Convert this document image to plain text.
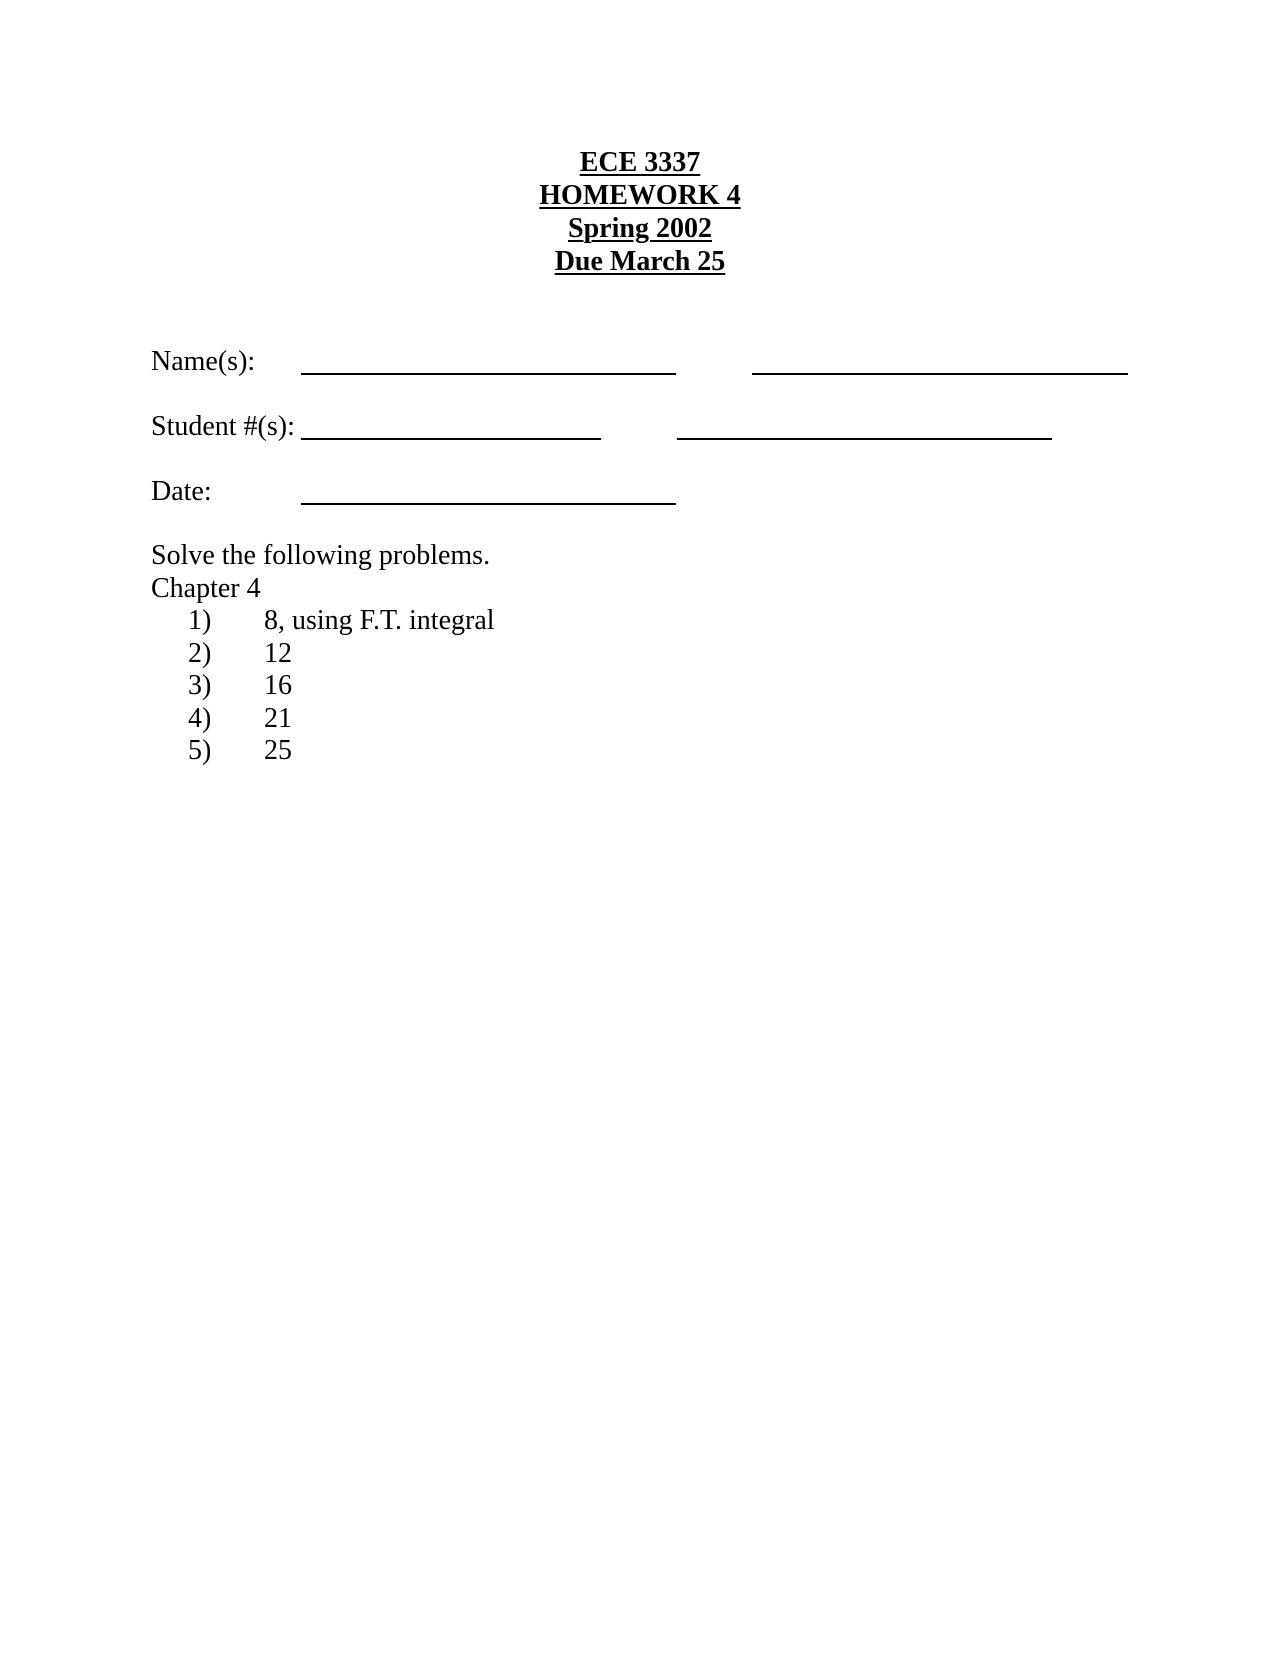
ECE 3337
HOMEWORK 4
Spring 2002
Due March 25
Name(s):
Student #(s):
Date:
Solve the following problems.
Chapter 4
1) 8, using F.T. integral
2) 12
3) 16
4) 21
5) 25
